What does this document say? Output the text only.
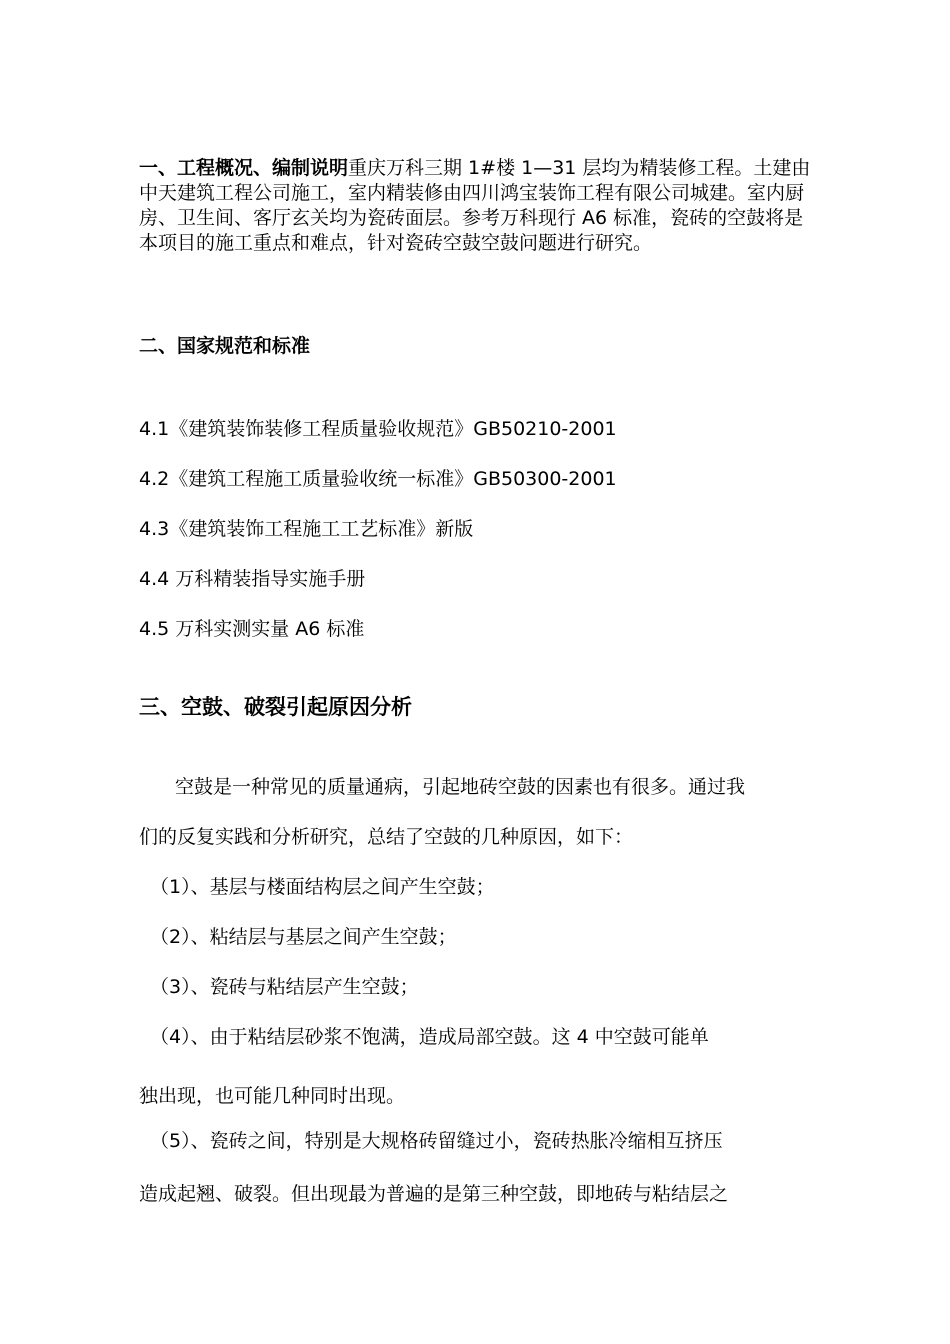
一、工程概况、编制说明重庆万科三期 1#楼 1—31 层均为精装修工程。土建由中天建筑工程公司施工，室内精装修由四川鸿宝装饰工程有限公司城建。室内厨房、卫生间、客厅玄关均为瓷砖面层。参考万科现行 A6 标准，瓷砖的空鼓将是本项目的施工重点和难点，针对瓷砖空鼓空鼓问题进行研究。

二、国家规范和标准
4.1《建筑装饰装修工程质量验收规范》GB50210-2001
4.2《建筑工程施工质量验收统一标准》GB50300-2001
4.3《建筑装饰工程施工工艺标准》新版
4.4 万科精装指导实施手册
4.5 万科实测实量 A6 标准
三、空鼓、破裂引起原因分析
空鼓是一种常见的质量通病，引起地砖空鼓的因素也有很多。通过我
们的反复实践和分析研究，总结了空鼓的几种原因，如下：
（1）、基层与楼面结构层之间产生空鼓；
（2）、粘结层与基层之间产生空鼓；
（3）、瓷砖与粘结层产生空鼓；
（4）、由于粘结层砂浆不饱满，造成局部空鼓。这 4 中空鼓可能单
独出现，也可能几种同时出现。
（5）、瓷砖之间，特别是大规格砖留缝过小，瓷砖热胀冷缩相互挤压
造成起翘、破裂。但出现最为普遍的是第三种空鼓，即地砖与粘结层之
